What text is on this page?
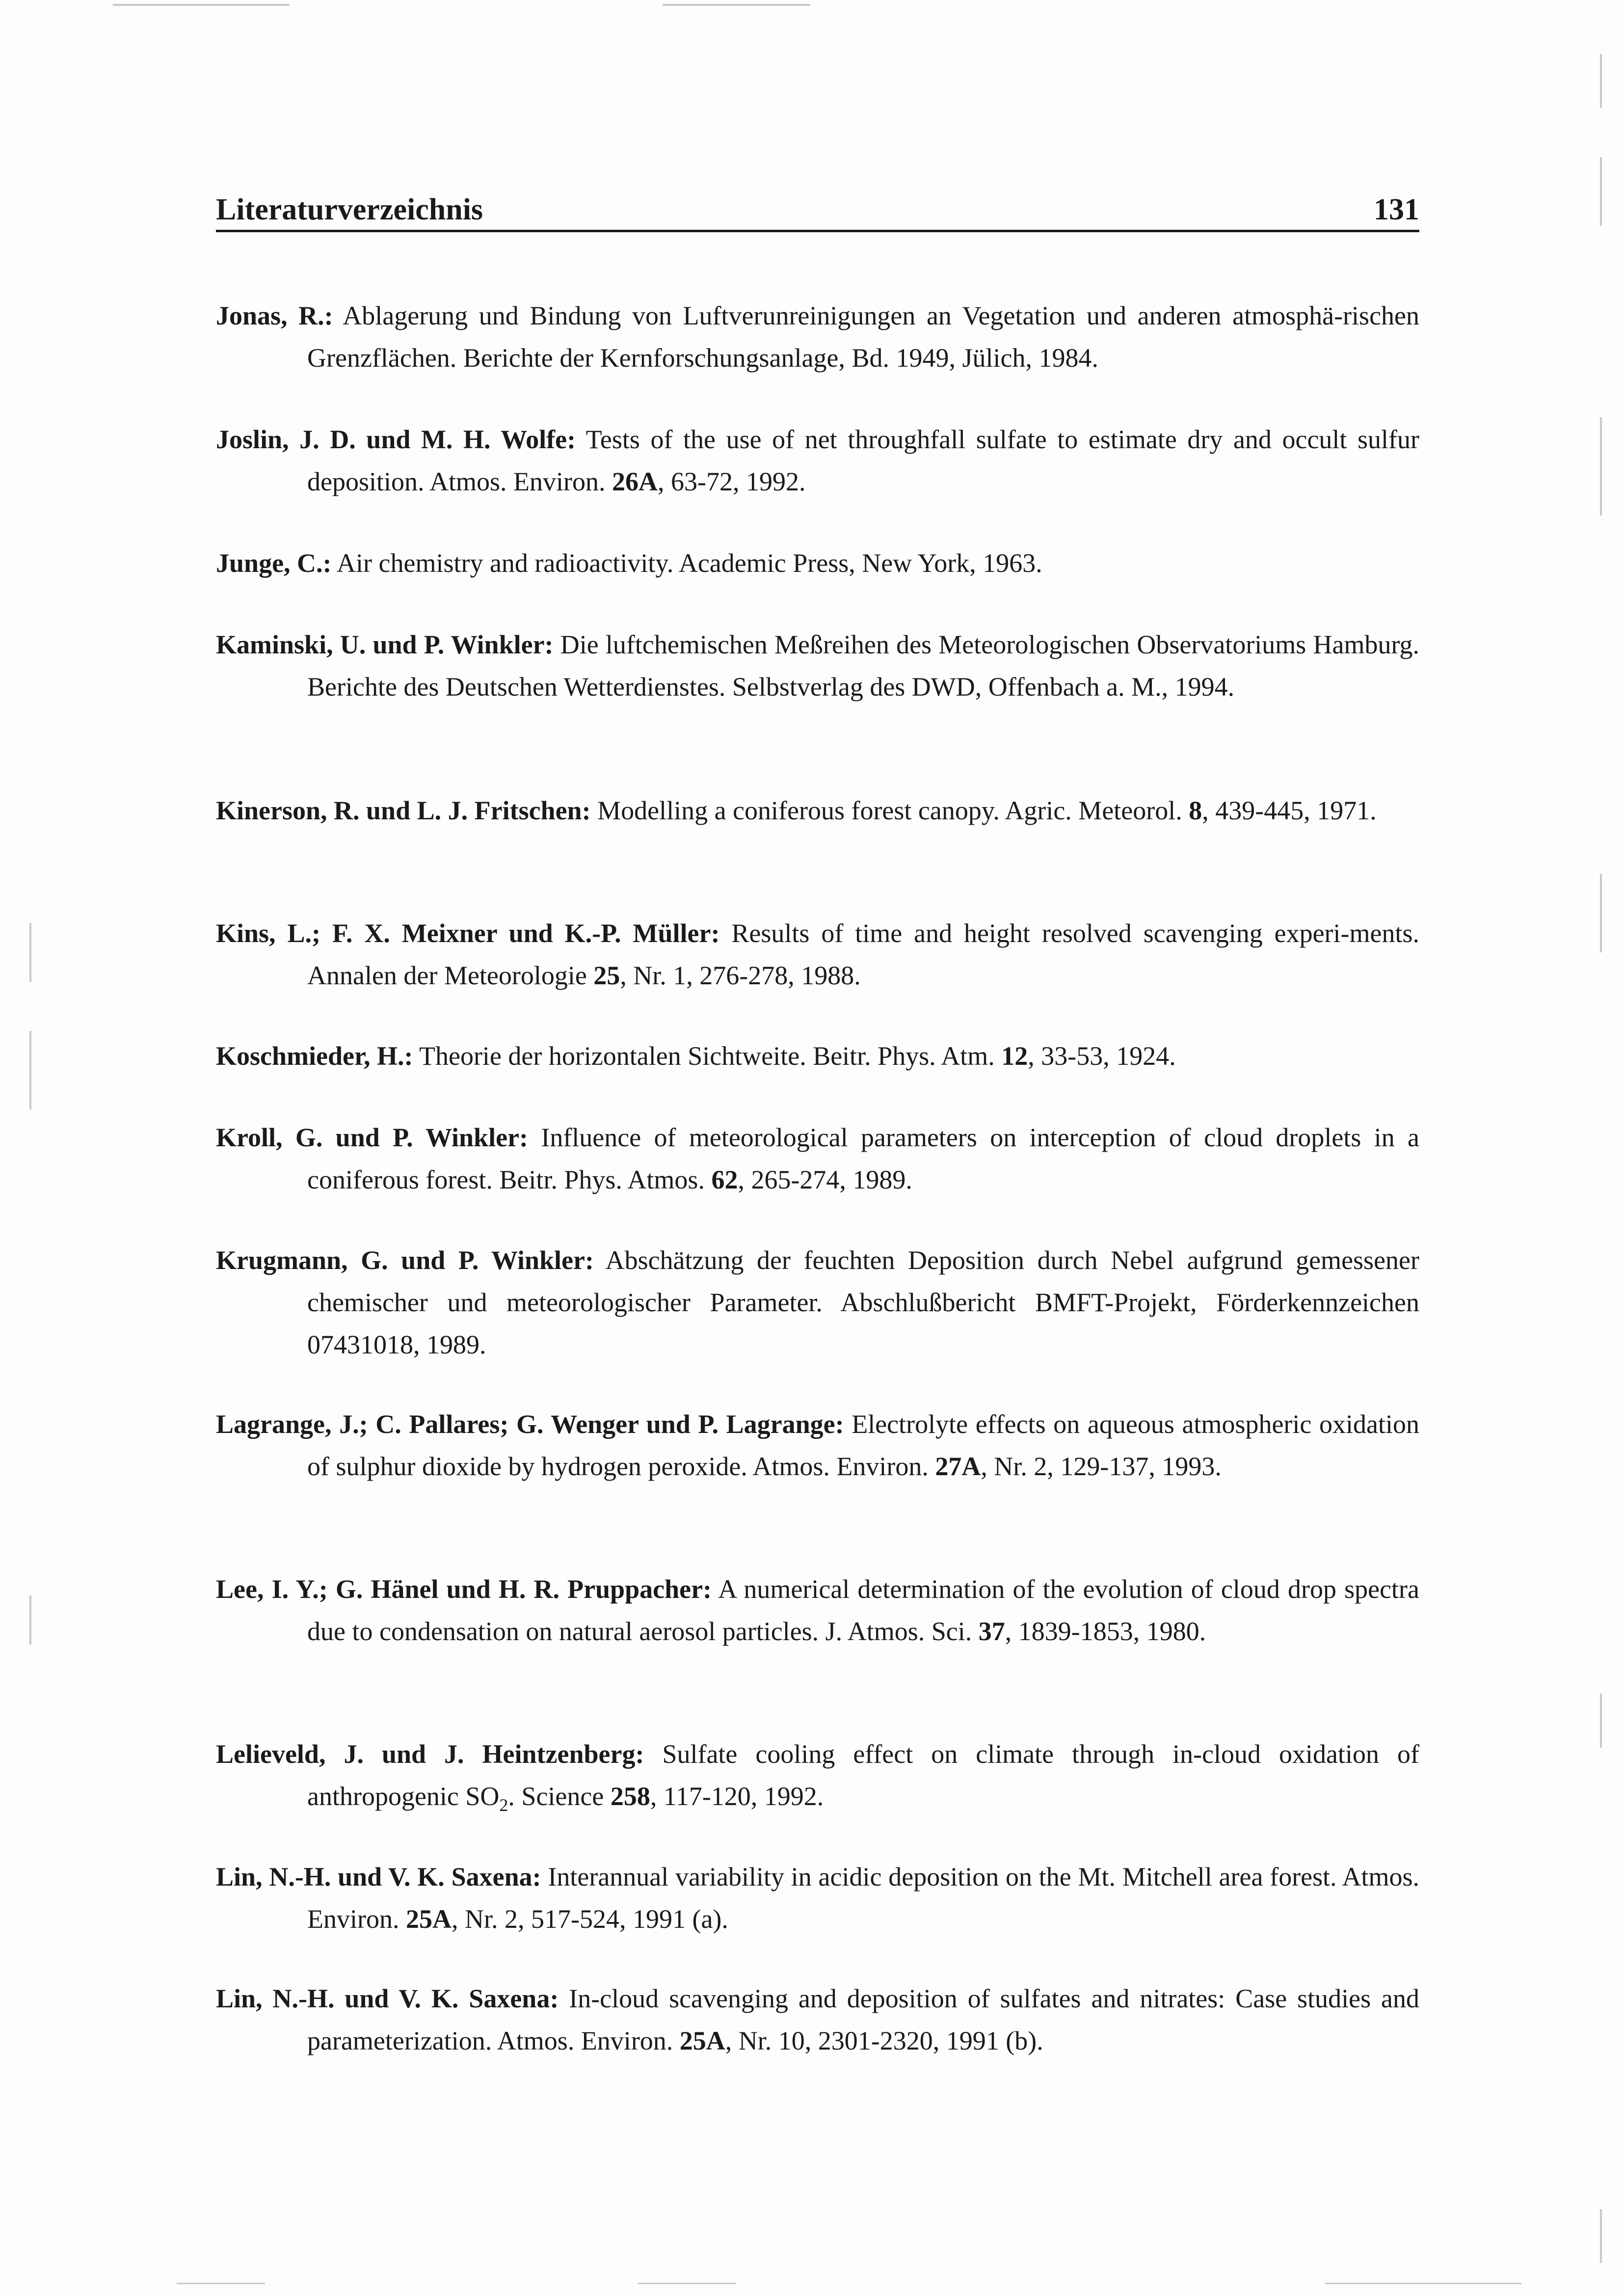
Literaturverzeichnis	131
Jonas, R.: Ablagerung und Bindung von Luftverunreinigungen an Vegetation und anderen atmosphä-rischen Grenzflächen. Berichte der Kernforschungsanlage, Bd. 1949, Jülich, 1984.
Joslin, J. D. und M. H. Wolfe: Tests of the use of net throughfall sulfate to estimate dry and occult sulfur deposition. Atmos. Environ. 26A, 63-72, 1992.
Junge, C.: Air chemistry and radioactivity. Academic Press, New York, 1963.
Kaminski, U. und P. Winkler: Die luftchemischen Meßreihen des Meteorologischen Observatoriums Hamburg. Berichte des Deutschen Wetterdienstes. Selbstverlag des DWD, Offenbach a. M., 1994.
Kinerson, R. und L. J. Fritschen: Modelling a coniferous forest canopy. Agric. Meteorol. 8, 439-445, 1971.
Kins, L.; F. X. Meixner und K.-P. Müller: Results of time and height resolved scavenging experi-ments. Annalen der Meteorologie 25, Nr. 1, 276-278, 1988.
Koschmieder, H.: Theorie der horizontalen Sichtweite. Beitr. Phys. Atm. 12, 33-53, 1924.
Kroll, G. und P. Winkler: Influence of meteorological parameters on interception of cloud droplets in a coniferous forest. Beitr. Phys. Atmos. 62, 265-274, 1989.
Krugmann, G. und P. Winkler: Abschätzung der feuchten Deposition durch Nebel aufgrund gemessener chemischer und meteorologischer Parameter. Abschlußbericht BMFT-Projekt, Förderkennzeichen 07431018, 1989.
Lagrange, J.; C. Pallares; G. Wenger und P. Lagrange: Electrolyte effects on aqueous atmospheric oxidation of sulphur dioxide by hydrogen peroxide. Atmos. Environ. 27A, Nr. 2, 129-137, 1993.
Lee, I. Y.; G. Hänel und H. R. Pruppacher: A numerical determination of the evolution of cloud drop spectra due to condensation on natural aerosol particles. J. Atmos. Sci. 37, 1839-1853, 1980.
Lelieveld, J. und J. Heintzenberg: Sulfate cooling effect on climate through in-cloud oxidation of anthropogenic $SO_2$. Science 258, 117-120, 1992.
Lin, N.-H. und V. K. Saxena: Interannual variability in acidic deposition on the Mt. Mitchell area forest. Atmos. Environ. 25A, Nr. 2, 517-524, 1991 (a).
Lin, N.-H. und V. K. Saxena: In-cloud scavenging and deposition of sulfates and nitrates: Case studies and parameterization. Atmos. Environ. 25A, Nr. 10, 2301-2320, 1991 (b).
